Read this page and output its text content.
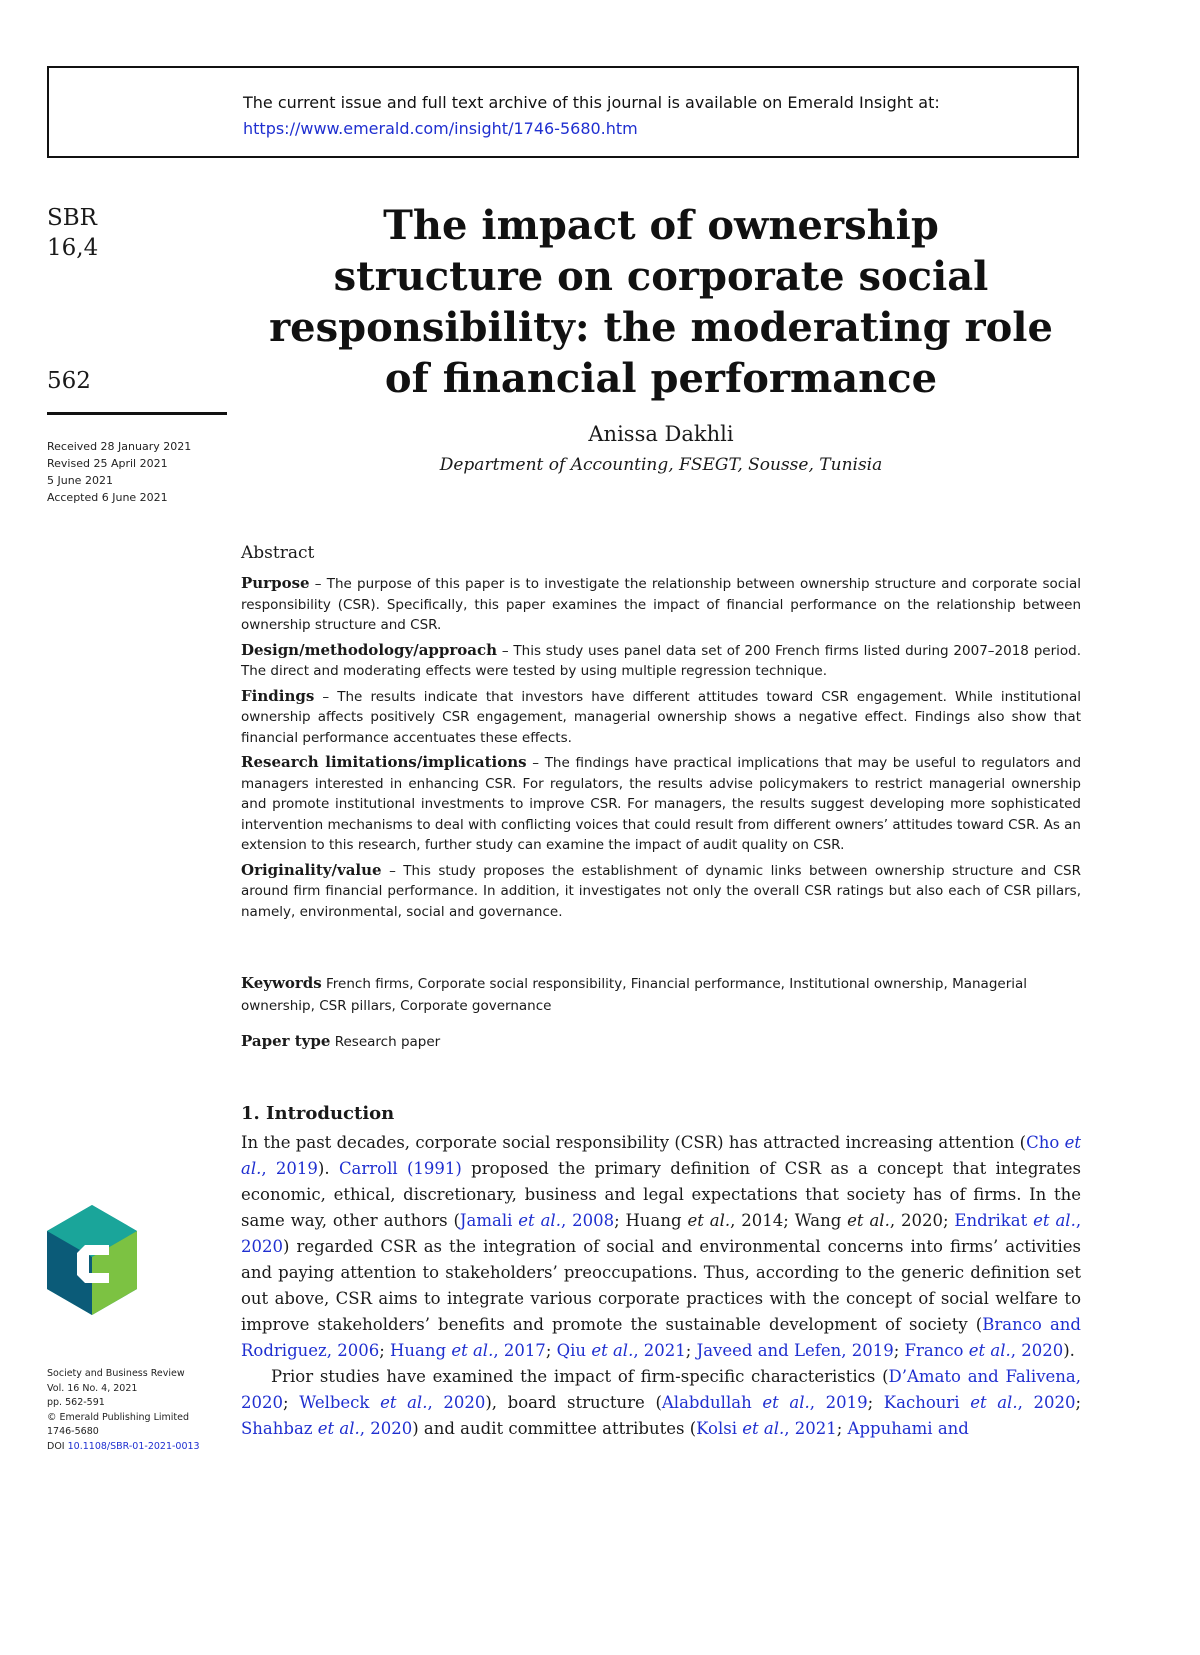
The current issue and full text archive of this journal is available on Emerald Insight at:
https://www.emerald.com/insight/1746-5680.htm
SBR
16,4
562
Received 28 January 2021
Revised 25 April 2021
5 June 2021
Accepted 6 June 2021
The impact of ownership
structure on corporate social
responsibility: the moderating role
of financial performance
Anissa Dakhli
Department of Accounting, FSEGT, Sousse, Tunisia
Abstract

Purpose – The purpose of this paper is to investigate the relationship between ownership structure and corporate social responsibility (CSR). Specifically, this paper examines the impact of financial performance on the relationship between ownership structure and CSR.

Design/methodology/approach – This study uses panel data set of 200 French firms listed during 2007–2018 period. The direct and moderating effects were tested by using multiple regression technique.

Findings – The results indicate that investors have different attitudes toward CSR engagement. While institutional ownership affects positively CSR engagement, managerial ownership shows a negative effect. Findings also show that financial performance accentuates these effects.

Research limitations/implications – The findings have practical implications that may be useful to regulators and managers interested in enhancing CSR. For regulators, the results advise policymakers to restrict managerial ownership and promote institutional investments to improve CSR. For managers, the results suggest developing more sophisticated intervention mechanisms to deal with conflicting voices that could result from different owners’ attitudes toward CSR. As an extension to this research, further study can examine the impact of audit quality on CSR.

Originality/value – This study proposes the establishment of dynamic links between ownership structure and CSR around firm financial performance. In addition, it investigates not only the overall CSR ratings but also each of CSR pillars, namely, environmental, social and governance.

Keywords French firms, Corporate social responsibility, Financial performance, Institutional ownership, Managerial ownership, CSR pillars, Corporate governance
Paper type Research paper
1. Introduction

In the past decades, corporate social responsibility (CSR) has attracted increasing attention (Cho et al., 2019). Carroll (1991) proposed the primary definition of CSR as a concept that integrates economic, ethical, discretionary, business and legal expectations that society has of firms. In the same way, other authors (Jamali et al., 2008; Huang et al., 2014; Wang et al., 2020; Endrikat et al., 2020) regarded CSR as the integration of social and environmental concerns into firms’ activities and paying attention to stakeholders’ preoccupations. Thus, according to the generic definition set out above, CSR aims to integrate various corporate practices with the concept of social welfare to improve stakeholders’ benefits and promote the sustainable development of society (Branco and Rodriguez, 2006; Huang et al., 2017; Qiu et al., 2021; Javeed and Lefen, 2019; Franco et al., 2020).

Prior studies have examined the impact of firm-specific characteristics (D’Amato and Falivena, 2020; Welbeck et al., 2020), board structure (Alabdullah et al., 2019; Kachouri et al., 2020; Shahbaz et al., 2020) and audit committee attributes (Kolsi et al., 2021; Appuhami and

Society and Business Review
Vol. 16 No. 4, 2021
pp. 562-591
© Emerald Publishing Limited
1746-5680
DOI 10.1108/SBR-01-2021-0013
